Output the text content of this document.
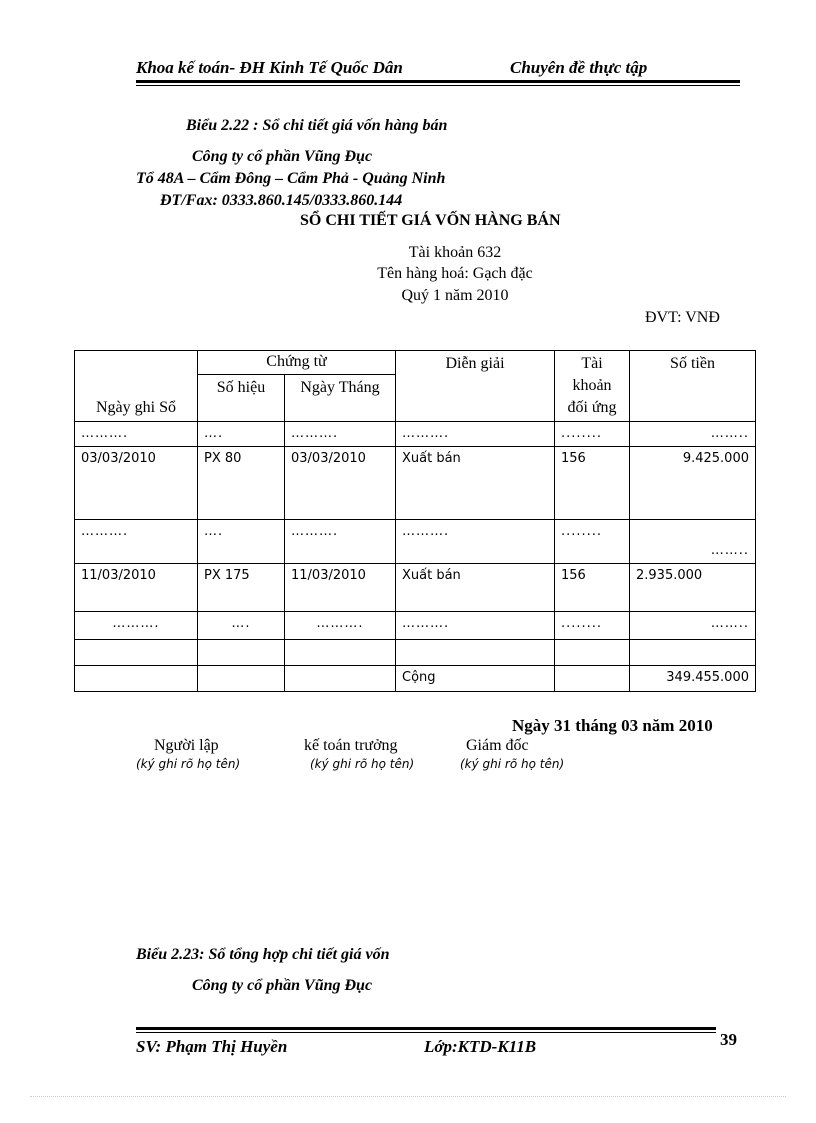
Khoa kế toán- ĐH Kinh Tế Quốc Dân	Chuyên đề thực tập
Biểu 2.22 : Sổ chi tiết giá vốn hàng bán
Công ty cổ phần Vũng Đục
Tổ 48A – Cẩm Đông – Cẩm Phả - Quảng Ninh
ĐT/Fax: 0333.860.145/0333.860.144
SỔ CHI TIẾT GIÁ VỐN HÀNG BÁN
Tài khoản 632
Tên hàng hoá: Gạch đặc
Quý 1 năm 2010
ĐVT: VNĐ
Ngày ghi Sổ	Chứng từ		Diễn giải	Tài khoản đối ứng	Số tiền
	Số hiệu	Ngày Tháng			
……….	….	……….	……….	........	……..
03/03/2010	PX 80	03/03/2010	Xuất bán	156	9.425.000
……….	….	……….	……….	........	……..
11/03/2010	PX 175	11/03/2010	Xuất bán	156	2.935.000
……….	….	……….	……….	........	……..

			Cộng		349.455.000
Ngày 31 tháng 03 năm 2010
Người lập	kế toán trưởng	Giám đốc
(ký ghi rõ họ tên)	(ký ghi rõ họ tên)	(ký ghi rõ họ tên)
Biểu 2.23: Sổ tổng hợp chi tiết giá vốn
Công ty cổ phần Vũng Đục
SV: Phạm Thị Huyền	Lớp:KTD-K11B	39
